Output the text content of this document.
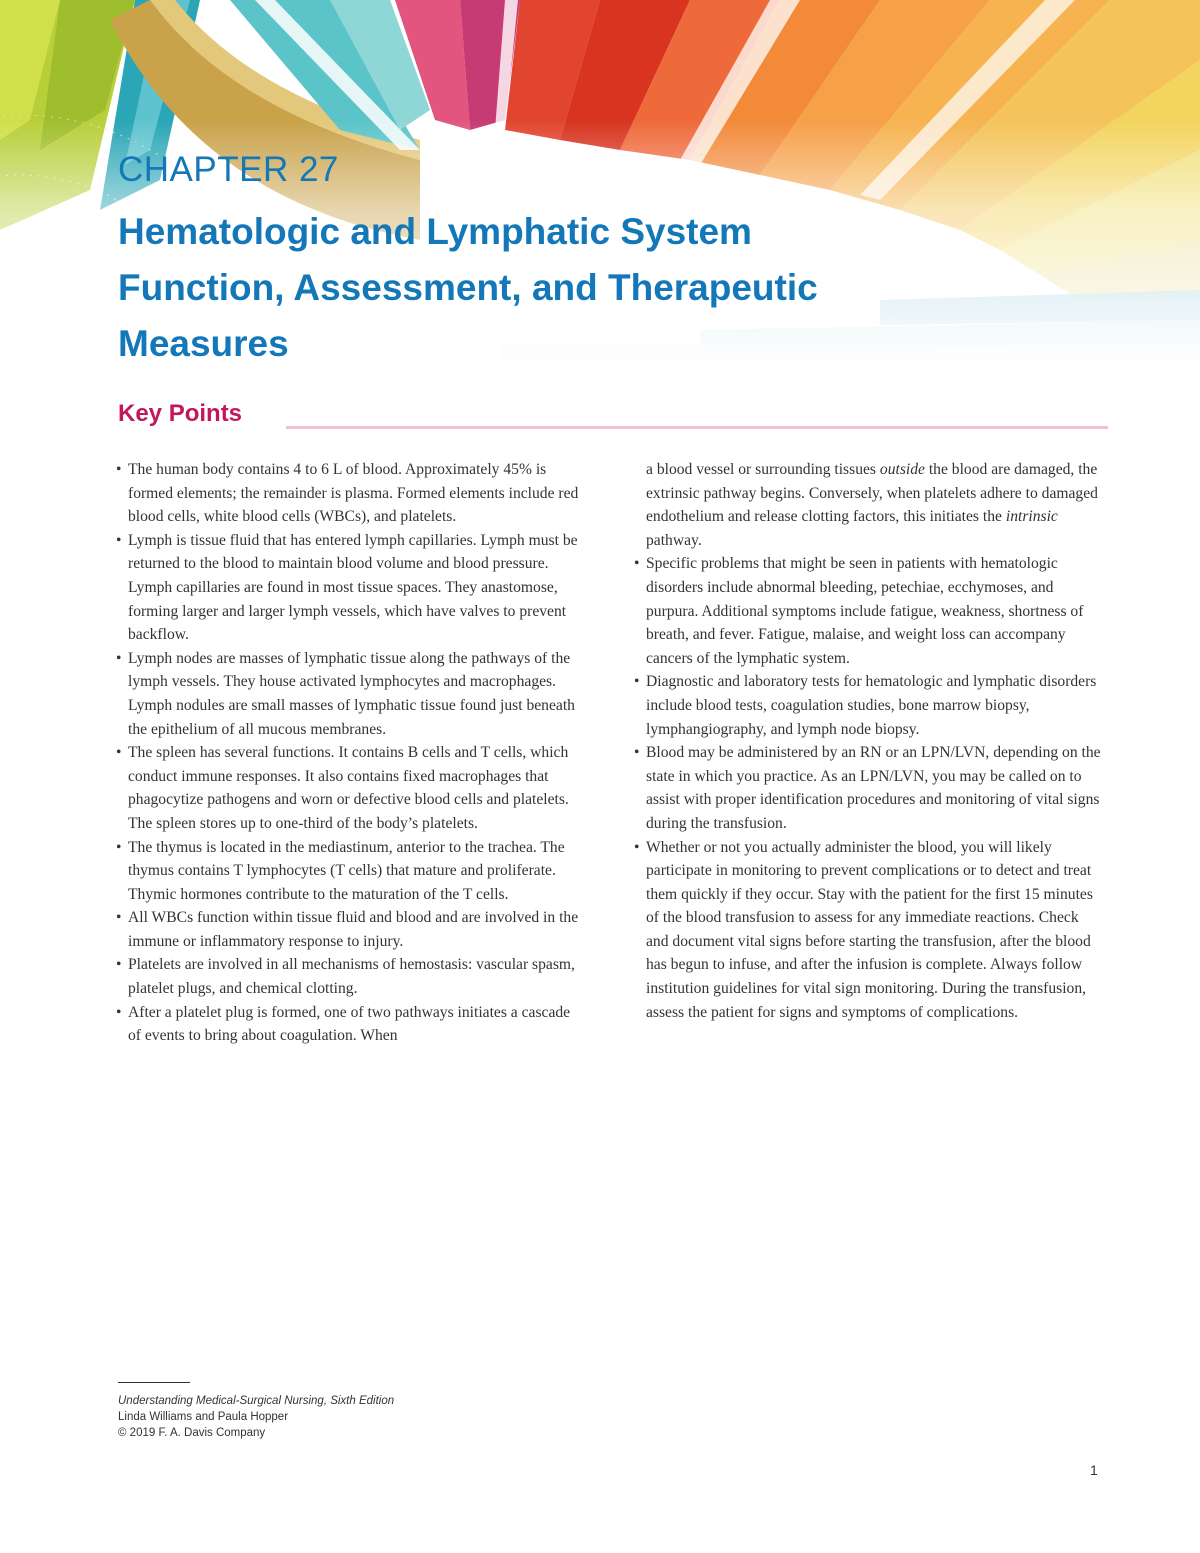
CHAPTER 27
Hematologic and Lymphatic System
Function, Assessment, and Therapeutic
Measures
Key Points
• The human body contains 4 to 6 L of blood. Approximately 45% is formed elements; the remainder is plasma. Formed elements include red blood cells, white blood cells (WBCs), and platelets.
• Lymph is tissue fluid that has entered lymph capillaries. Lymph must be returned to the blood to maintain blood volume and blood pressure. Lymph capillaries are found in most tissue spaces. They anastomose, forming larger and larger lymph vessels, which have valves to prevent backflow.
• Lymph nodes are masses of lymphatic tissue along the pathways of the lymph vessels. They house activated lymphocytes and macrophages. Lymph nodules are small masses of lymphatic tissue found just beneath the epithelium of all mucous membranes.
• The spleen has several functions. It contains B cells and T cells, which conduct immune responses. It also contains fixed macrophages that phagocytize pathogens and worn or defective blood cells and platelets. The spleen stores up to one-third of the body’s platelets.
• The thymus is located in the mediastinum, anterior to the trachea. The thymus contains T lymphocytes (T cells) that mature and proliferate. Thymic hormones contribute to the maturation of the T cells.
• All WBCs function within tissue fluid and blood and are involved in the immune or inflammatory response to injury.
• Platelets are involved in all mechanisms of hemostasis: vascular spasm, platelet plugs, and chemical clotting.
• After a platelet plug is formed, one of two pathways initiates a cascade of events to bring about coagulation. When
a blood vessel or surrounding tissues outside the blood are damaged, the extrinsic pathway begins. Conversely, when platelets adhere to damaged endothelium and release clotting factors, this initiates the intrinsic pathway.
• Specific problems that might be seen in patients with hematologic disorders include abnormal bleeding, petechiae, ecchymoses, and purpura. Additional symptoms include fatigue, weakness, shortness of breath, and fever. Fatigue, malaise, and weight loss can accompany cancers of the lymphatic system.
• Diagnostic and laboratory tests for hematologic and lymphatic disorders include blood tests, coagulation studies, bone marrow biopsy, lymphangiography, and lymph node biopsy.
• Blood may be administered by an RN or an LPN/LVN, depending on the state in which you practice. As an LPN/LVN, you may be called on to assist with proper identification procedures and monitoring of vital signs during the transfusion.
• Whether or not you actually administer the blood, you will likely participate in monitoring to prevent complications or to detect and treat them quickly if they occur. Stay with the patient for the first 15 minutes of the blood transfusion to assess for any immediate reactions. Check and document vital signs before starting the transfusion, after the blood has begun to infuse, and after the infusion is complete. Always follow institution guidelines for vital sign monitoring. During the transfusion, assess the patient for signs and symptoms of complications.
Understanding Medical-Surgical Nursing, Sixth Edition
Linda Williams and Paula Hopper
© 2019 F. A. Davis Company
1
